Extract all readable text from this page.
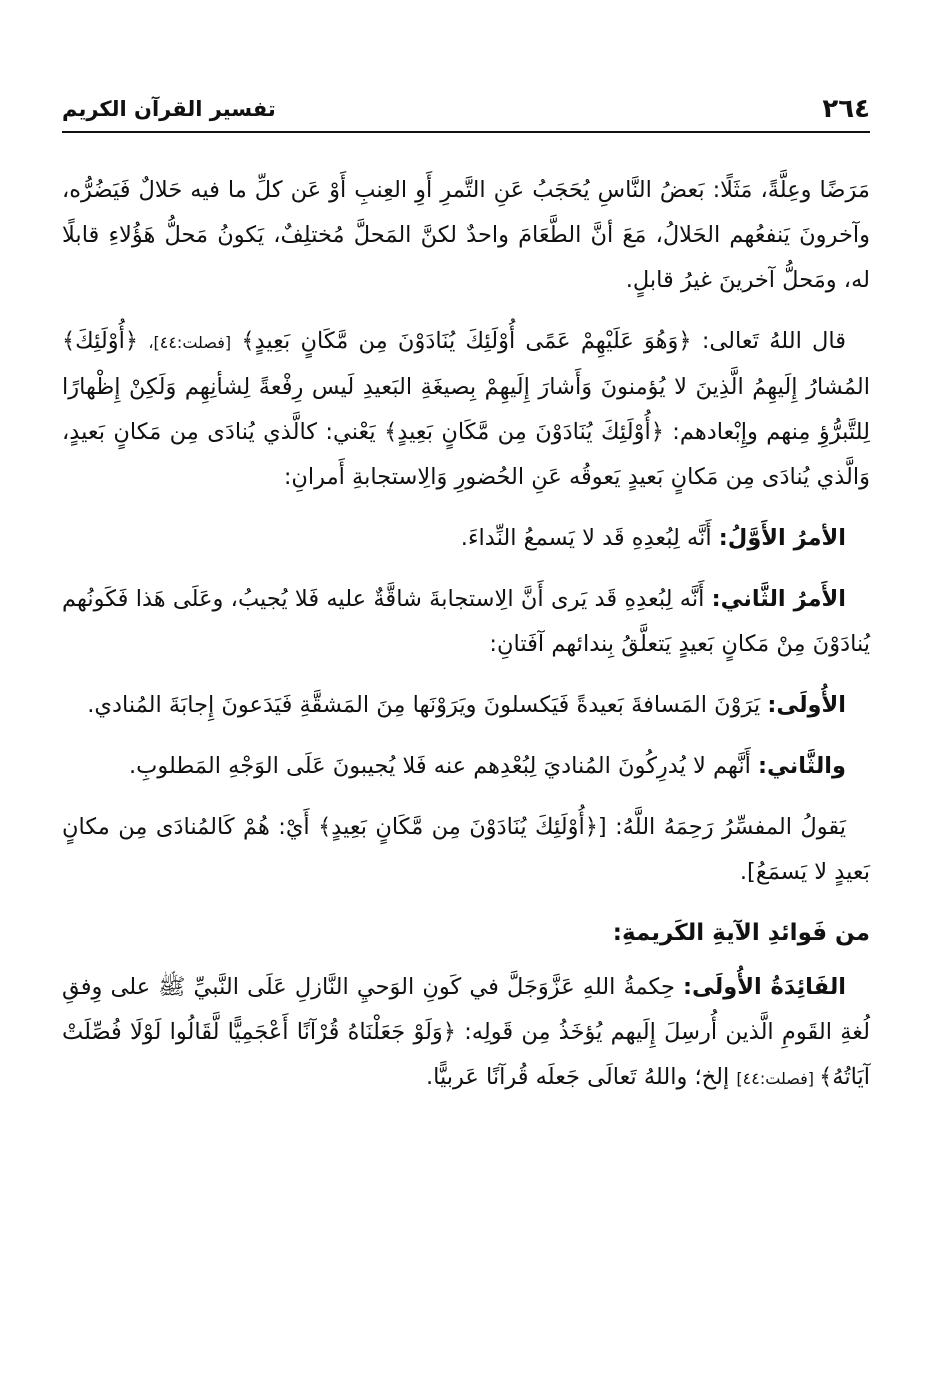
٢٦٤
تفسير القرآن الكريم

مَرَضًا وعِلَّةً، مَثَلًا: بَعضُ النَّاسِ يُحَجَبُ عَنِ التَّمرِ أَوِ العِنبِ أَوْ عَن كلِّ ما فيه حَلالٌ فَيَضُرُّه، وآخرونَ يَنفعُهم الحَلالُ، مَعَ أنَّ الطَّعَامَ واحدٌ لكنَّ المَحلَّ مُختلِفٌ، يَكونُ مَحلُّ هَؤُلاءِ قابلًا له، ومَحلُّ آخرينَ غيرُ قابلٍ.

قال اللهُ تَعالى: ﴿وَهُوَ عَلَيْهِمْ عَمًى أُوْلَئِكَ يُنَادَوْنَ مِن مَّكَانٍ بَعِيدٍ﴾ [فصلت:٤٤]، ﴿أُوْلَئِكَ﴾ المُشارُ إِلَيهِمُ الَّذِينَ لا يُؤمنونَ وَأَشارَ إِلَيهِمْ بِصيغَةِ البَعيدِ لَيس رِفْعةً لِشأنِهِم وَلَكِنْ إِظْهارًا لِلتَّبرُّؤِ مِنهم وإِبْعادهم: ﴿أُوْلَئِكَ يُنَادَوْنَ مِن مَّكَانٍ بَعِيدٍ﴾ يَعْني: كالَّذي يُنادَى مِن مَكانٍ بَعيدٍ، وَالَّذي يُنادَى مِن مَكانٍ بَعيدٍ يَعوقُه عَنِ الحُضورِ وَالِاستجابةِ أَمرانِ:

الأمرُ الأَوَّلُ: أَنَّه لِبُعدِهِ قَد لا يَسمعُ النِّداءَ.

الأَمرُ الثَّاني: أَنَّه لِبُعدِهِ قَد يَرى أَنَّ الِاستجابةَ شاقَّةٌ عليه فَلا يُجيبُ، وعَلَى هَذا فَكَونُهم يُنادَوْنَ مِنْ مَكانٍ بَعيدٍ يَتعلَّقُ بِندائهم آفَتانِ:

الأُولَى: يَرَوْنَ المَسافةَ بَعيدةً فَيَكسلونَ ويَرَوْنَها مِنَ المَشقَّةِ فَيَدَعونَ إِجابَةَ المُنادي.

والثَّاني: أَنَّهم لا يُدرِكُونَ المُناديَ لِبُعْدِهم عنه فَلا يُجيبونَ عَلَى الوَجْهِ المَطلوبِ.

يَقولُ المفسِّرُ رَحِمَهُ اللَّهُ: [﴿أُوْلَئِكَ يُنَادَوْنَ مِن مَّكَانٍ بَعِيدٍ﴾ أَيْ: هُمْ كَالمُنادَى مِن مكانٍ بَعيدٍ لا يَسمَعُ].

من فَوائدِ الآيةِ الكَريمةِ:

الفَائِدَةُ الأُولَى: حِكمةُ اللهِ عَزَّوَجَلَّ في كَونِ الوَحيِ النَّازلِ عَلَى النَّبيِّ ﷺ على وِفقِ لُغةِ القَومِ الَّذين أُرسِلَ إِلَيهم يُؤخَذُ مِن قَولِه: ﴿وَلَوْ جَعَلْنَاهُ قُرْآنًا أَعْجَمِيًّا لَّقَالُوا لَوْلَا فُصِّلَتْ آيَاتُهُ﴾ [فصلت:٤٤] إلخ؛ واللهُ تَعالَى جَعلَه قُرآنًا عَربيًّا.
